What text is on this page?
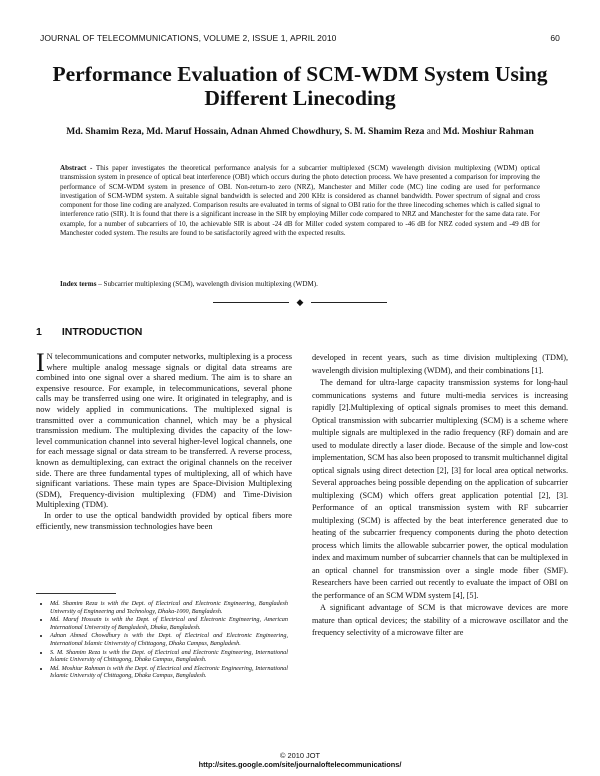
JOURNAL OF TELECOMMUNICATIONS, VOLUME 2, ISSUE 1, APRIL 2010	60
Performance Evaluation of SCM-WDM System Using Different Linecoding
Md. Shamim Reza, Md. Maruf Hossain, Adnan Ahmed Chowdhury, S. M. Shamim Reza and Md. Moshiur Rahman
Abstract - This paper investigates the theoretical performance analysis for a subcarrier multiplexed (SCM) wavelength division multiplexing (WDM) optical transmission system in presence of optical beat interference (OBI) which occurs during the photo detection process. We have presented a comparison for improving the performance of SCM-WDM system in presence of OBI. Non-return-to zero (NRZ), Manchester and Miller code (MC) line coding are used for performance investigation of SCM-WDM system. A suitable signal bandwidth is selected and 200 KHz is considered as channel bandwidth. Power spectrum of signal and cross component for those line coding are analyzed. Comparison results are evaluated in terms of signal to OBI ratio for the three linecoding schemes which is called signal to interference ratio (SIR). It is found that there is a significant increase in the SIR by employing Miller code compared to NRZ and Manchester for the same data rate. For example, for a number of subcarriers of 10, the achievable SIR is about -24 dB for Miller coded system compared to -46 dB for NRZ coded system and -49 dB for Manchester coded system. The results are found to be satisfactorily agreed with the expected results.
Index terms – Subcarrier multiplexing (SCM), wavelength division multiplexing (WDM).
◆
1 INTRODUCTION

I N telecommunications and computer networks, multiplexing is a process where multiple analog message signals or digital data streams are combined into one signal over a shared medium. The aim is to share an expensive resource. For example, in telecommunications, several phone calls may be transferred using one wire. It originated in telegraphy, and is now widely applied in communications. The multiplexed signal is transmitted over a communication channel, which may be a physical transmission medium. The multiplexing divides the capacity of the low-level communication channel into several higher-level logical channels, one for each message signal or data stream to be transferred. A reverse process, known as demultiplexing, can extract the original channels on the receiver side. There are three fundamental types of multiplexing, all of which have significant variations. These main types are Space-Division Multiplexing (SDM), Frequency-division multiplexing (FDM) and Time-Division Multiplexing (TDM).

In order to use the optical bandwidth provided by optical fibers more efficiently, new transmission technologies have been

• Md. Shamim Reza is with the Dept. of Electrical and Electronic Engineering, Bangladesh University of Engineering and Technology, Dhaka-1000, Bangladesh.
• Md. Maruf Hossain is with the Dept. of Electrical and Electronic Engineering, American International University of Bangladesh, Dhaka, Bangladesh.
• Adnan Ahmed Chowdhury is with the Dept. of Electrical and Electronic Engineering, International Islamic University of Chittagong, Dhaka Campus, Bangladesh.
• S. M. Shamim Reza is with the Dept. of Electrical and Electronic Engineering, International Islamic University of Chittagong, Dhaka Campus, Bangladesh.
• Md. Moshiur Rahman is with the Dept. of Electrical and Electronic Engineering, International Islamic University of Chittagong, Dhaka Campus, Bangladesh.

developed in recent years, such as time division multiplexing (TDM), wavelength division multiplexing (WDM), and their combinations [1].

The demand for ultra-large capacity transmission systems for long-haul communications systems and future multi-media services is increasing rapidly [2].Multiplexing of optical signals promises to meet this demand. Optical transmission with subcarrier multiplexing (SCM) is a scheme where multiple signals are multiplexed in the radio frequency (RF) domain and are used to modulate directly a laser diode. Because of the simple and low-cost implementation, SCM has also been proposed to transmit multichannel digital optical signals using direct detection [2], [3] for local area optical networks. Several approaches being possible depending on the application of subcarrier multiplexing (SCM) which offers great application potential [2], [3]. Performance of an optical transmission system with RF subcarrier multiplexing (SCM) is affected by the beat interference generated due to heating of the subcarrier frequency components during the photo detection process which limits the allowable subcarrier power, the optical modulation index and maximum number of subcarrier channels that can be multiplexed in an optical channel for transmission over a single mode fiber (SMF). Researchers have been carried out recently to evaluate the impact of OBI on the performance of an SCM WDM system [4], [5].

A significant advantage of SCM is that microwave devices are more mature than optical devices; the stability of a microwave oscillator and the frequency selectivity of a microwave filter are

© 2010 JOT
http://sites.google.com/site/journaloftelecommunications/
